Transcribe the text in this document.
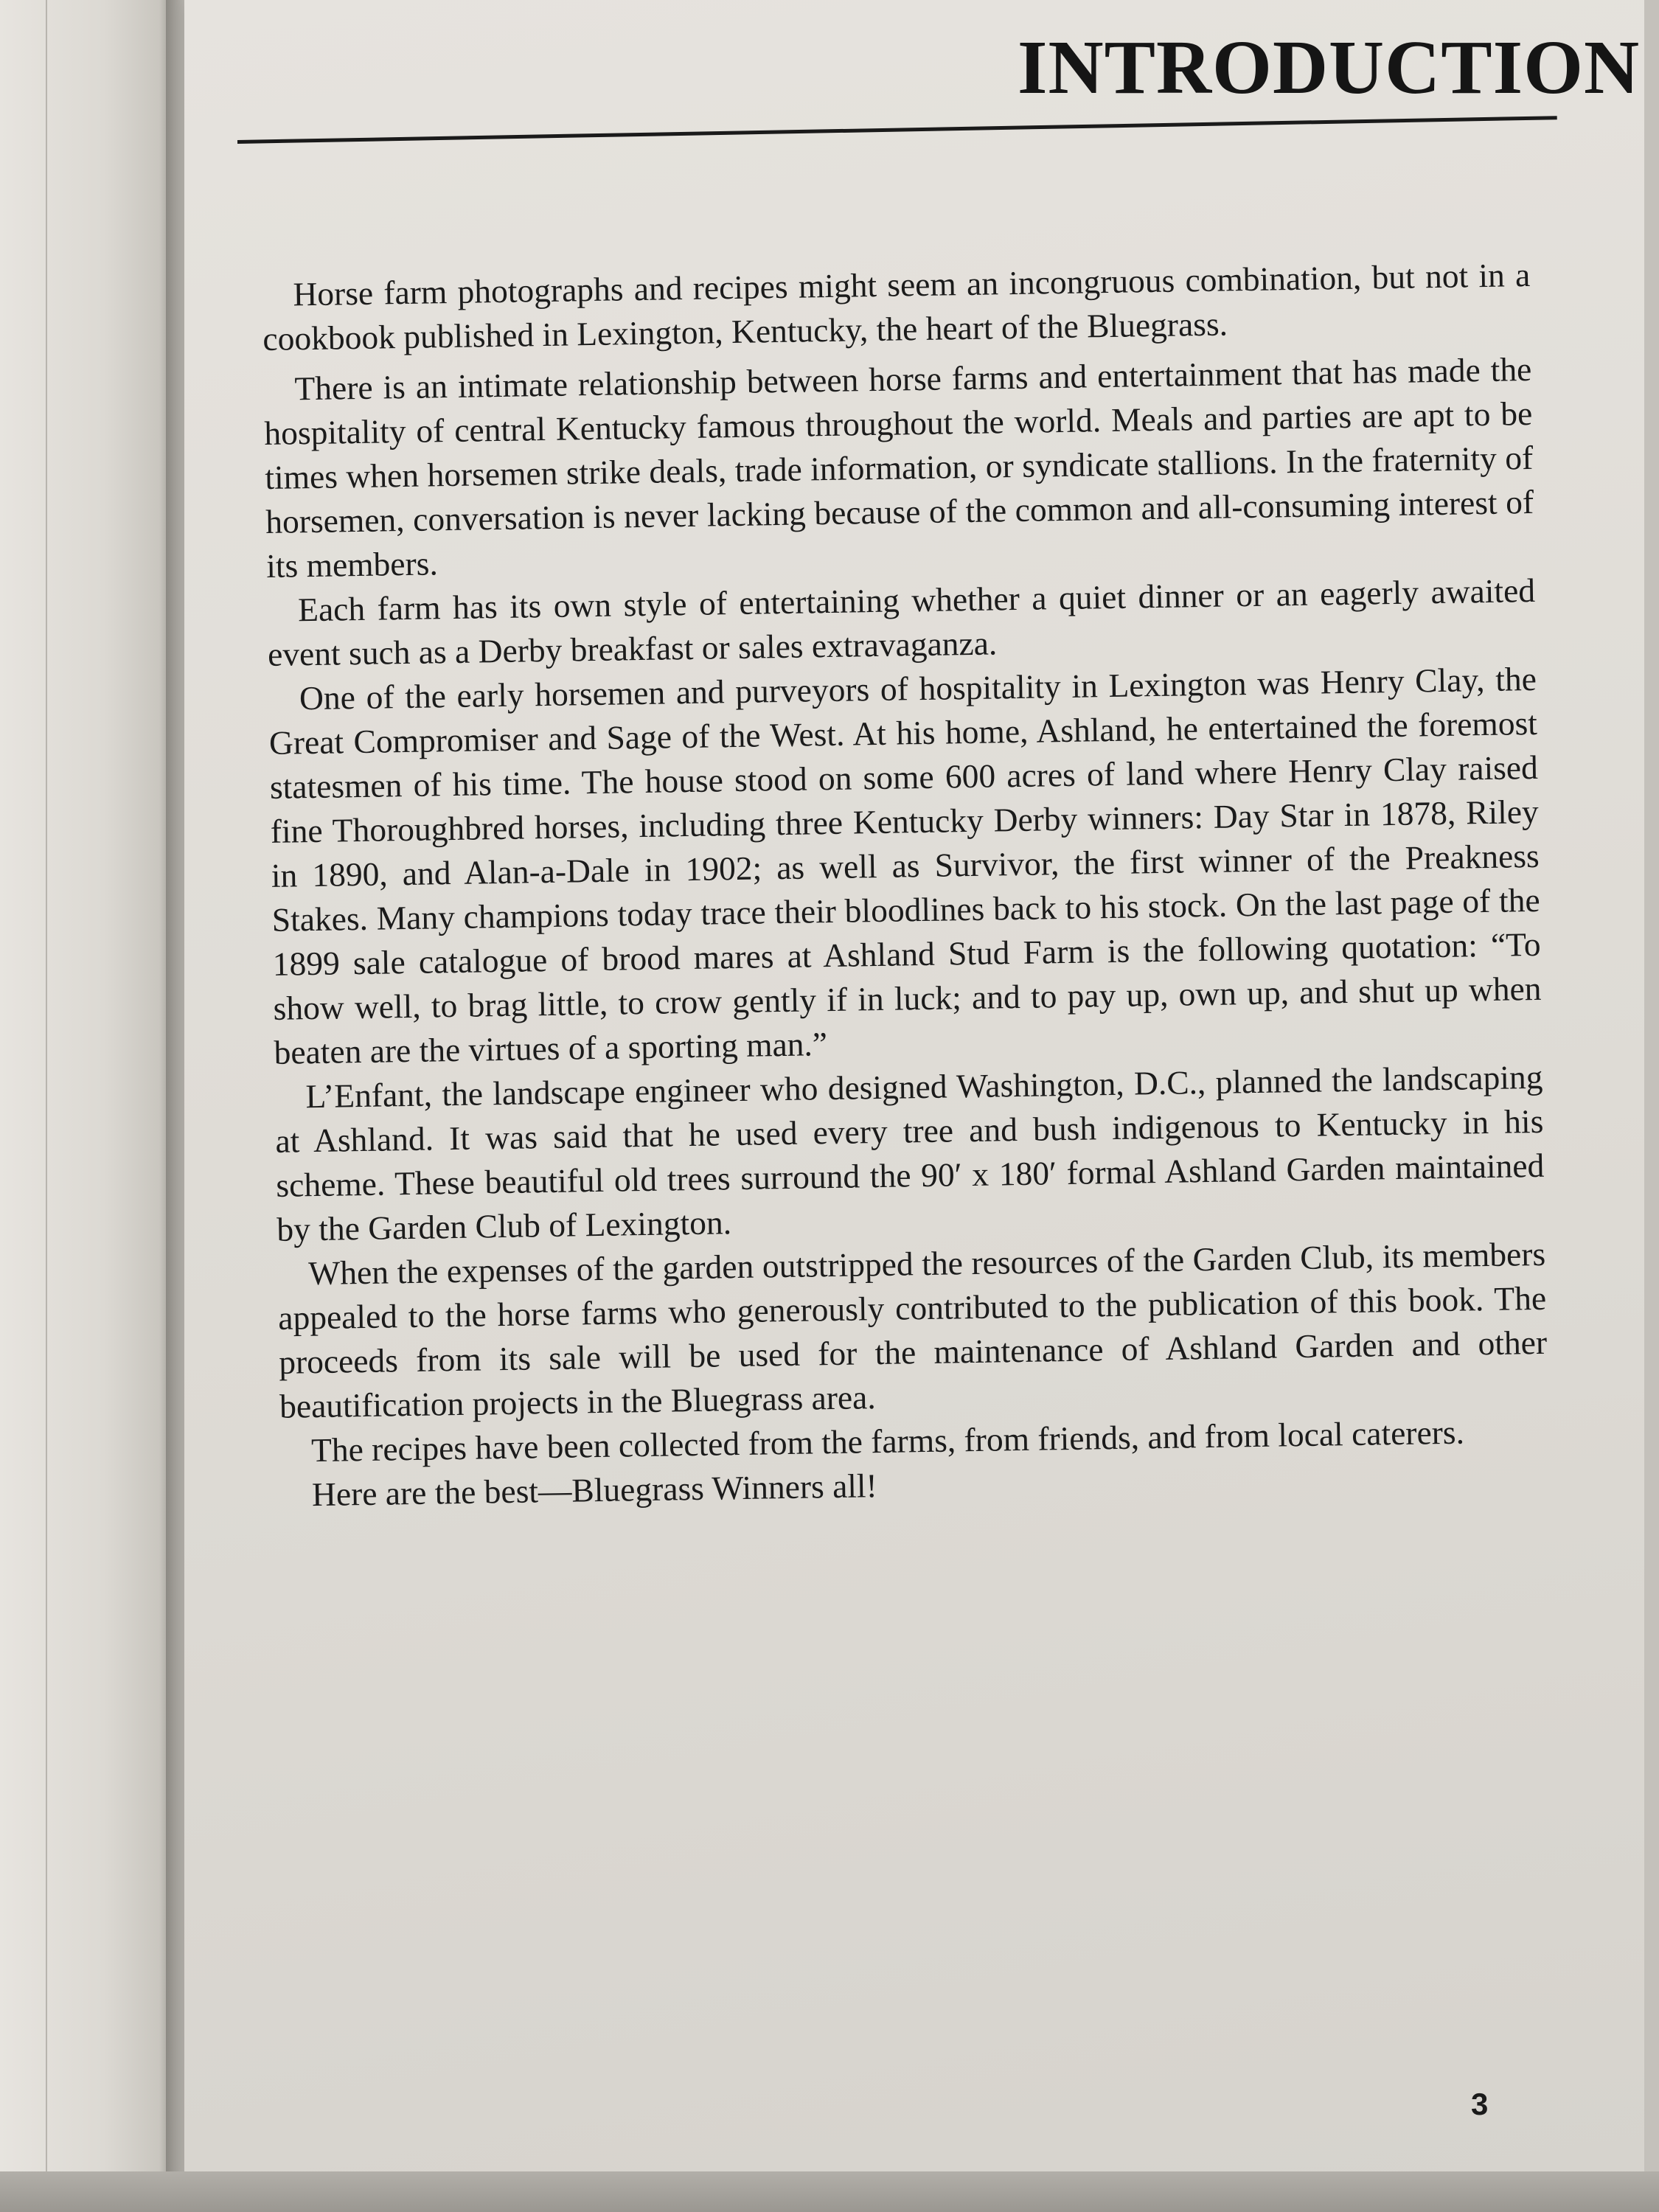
INTRODUCTION

Horse farm photographs and recipes might seem an incongruous combination, but not in a cookbook published in Lexington, Kentucky, the heart of the Bluegrass.

There is an intimate relationship between horse farms and entertainment that has made the hospitality of central Kentucky famous throughout the world. Meals and parties are apt to be times when horsemen strike deals, trade information, or syndicate stallions. In the fraternity of horsemen, conversation is never lacking because of the common and all-consuming interest of its members.

Each farm has its own style of entertaining whether a quiet dinner or an eagerly awaited event such as a Derby breakfast or sales extravaganza.

One of the early horsemen and purveyors of hospitality in Lexington was Henry Clay, the Great Compromiser and Sage of the West. At his home, Ashland, he entertained the foremost statesmen of his time. The house stood on some 600 acres of land where Henry Clay raised fine Thoroughbred horses, including three Kentucky Derby winners: Day Star in 1878, Riley in 1890, and Alan-a-Dale in 1902; as well as Survivor, the first winner of the Preakness Stakes. Many champions today trace their bloodlines back to his stock. On the last page of the 1899 sale catalogue of brood mares at Ashland Stud Farm is the following quotation: “To show well, to brag little, to crow gently if in luck; and to pay up, own up, and shut up when beaten are the virtues of a sporting man.”

L’Enfant, the landscape engineer who designed Washington, D.C., planned the landscaping at Ashland. It was said that he used every tree and bush indigenous to Kentucky in his scheme. These beautiful old trees surround the 90′ x 180′ formal Ashland Garden maintained by the Garden Club of Lexington.

When the expenses of the garden outstripped the resources of the Garden Club, its members appealed to the horse farms who generously contributed to the publication of this book. The proceeds from its sale will be used for the maintenance of Ashland Garden and other beautification projects in the Bluegrass area.

The recipes have been collected from the farms, from friends, and from local caterers.

Here are the best—Bluegrass Winners all!

3
